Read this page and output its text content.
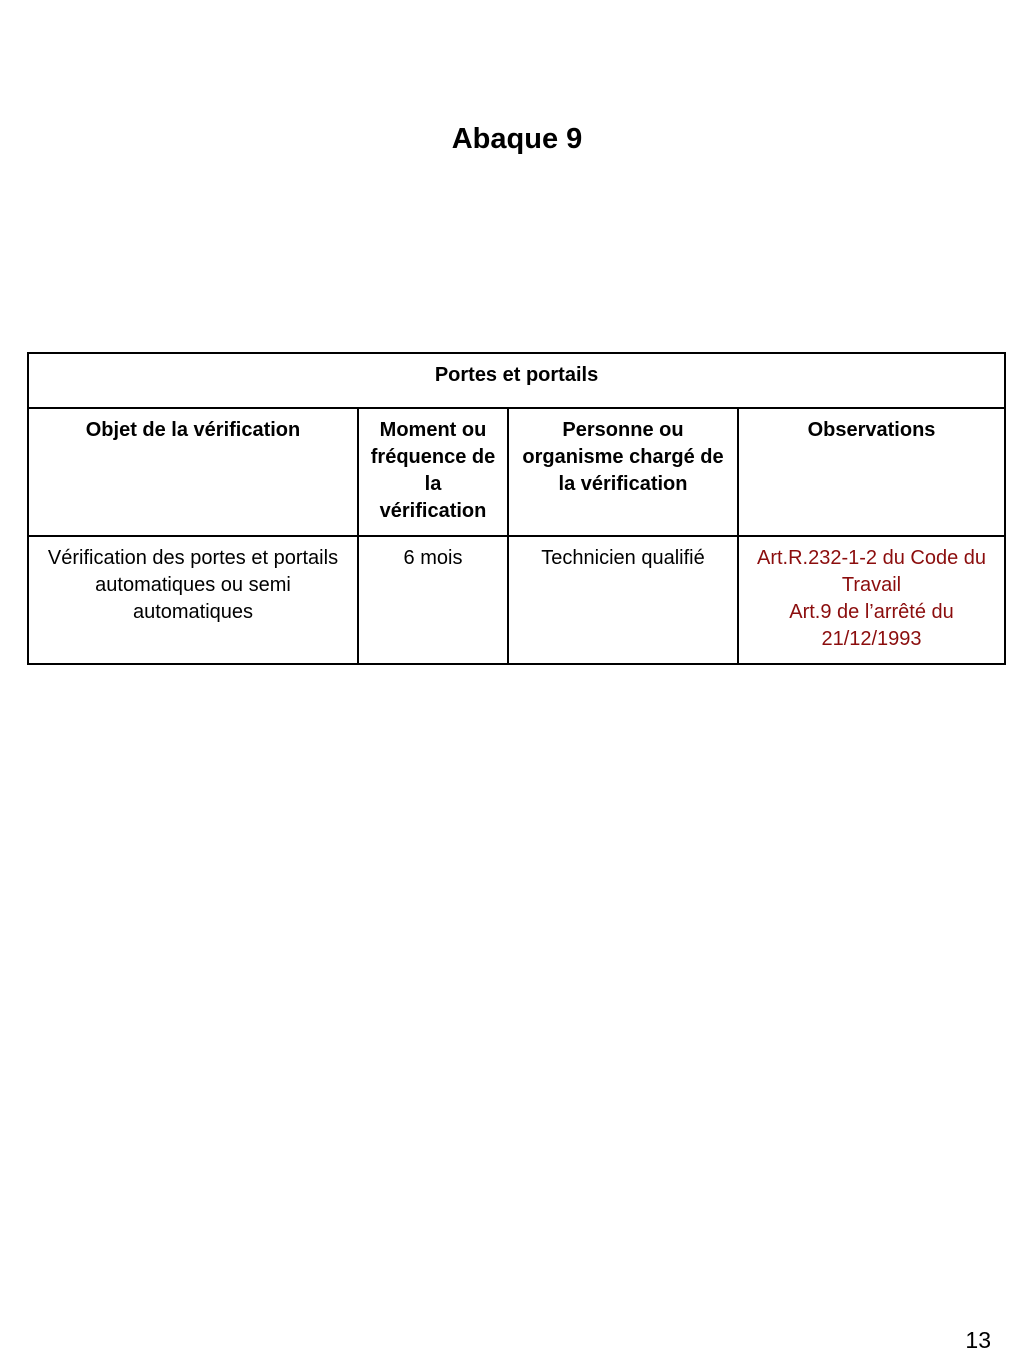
Abaque 9
Portes et portails			
Objet de la vérification	Moment ou fréquence de la vérification	Personne ou organisme chargé de la vérification	Observations
Vérification des portes et portails automatiques ou semi automatiques	6 mois	Technicien qualifié	Art.R.232-1-2 du Code du Travail
Art.9 de l’arrêté du 21/12/1993
13
